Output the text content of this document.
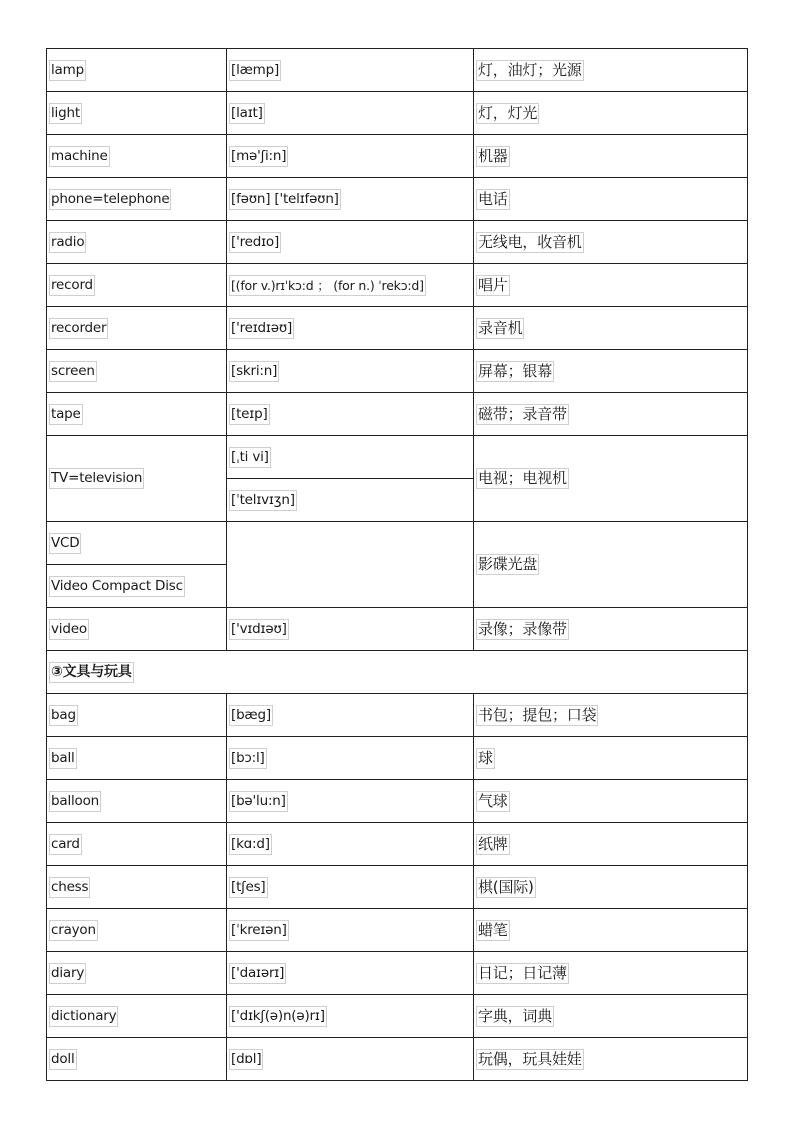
lamp	[læmp]	灯，油灯；光源
light	[laɪt]	灯，灯光
machine	[mə'ʃi:n]	机器
phone=telephone	[fəʊn] ['telɪfəʊn]	电话
radio	['redɪo]	无线电，收音机
record	[(for v.)rɪˈkɔ:d ； (for n.) ˈrekɔ:d]	唱片
recorder	['reɪdɪəʊ]	录音机
screen	[skri:n]	屏幕；银幕
tape	[teɪp]	磁带；录音带
TV=television	[ˌti vi]	电视；电视机
	[ˈtelɪvɪʒn]	
VCD		影碟光盘
Video Compact Disc		
video	['vɪdɪəʊ]	录像；录像带
③文具与玩具		
bag	[bæg]	书包；提包；口袋
ball	[bɔ:l]	球
balloon	[bə'lu:n]	气球
card	[kɑ:d]	纸牌
chess	[tʃes]	棋(国际)
crayon	[ˈkreɪən]	蜡笔
diary	['daɪərɪ]	日记；日记薄
dictionary	['dɪkʃ(ə)n(ə)rɪ]	字典，词典
doll	[dɒl]	玩偶，玩具娃娃
